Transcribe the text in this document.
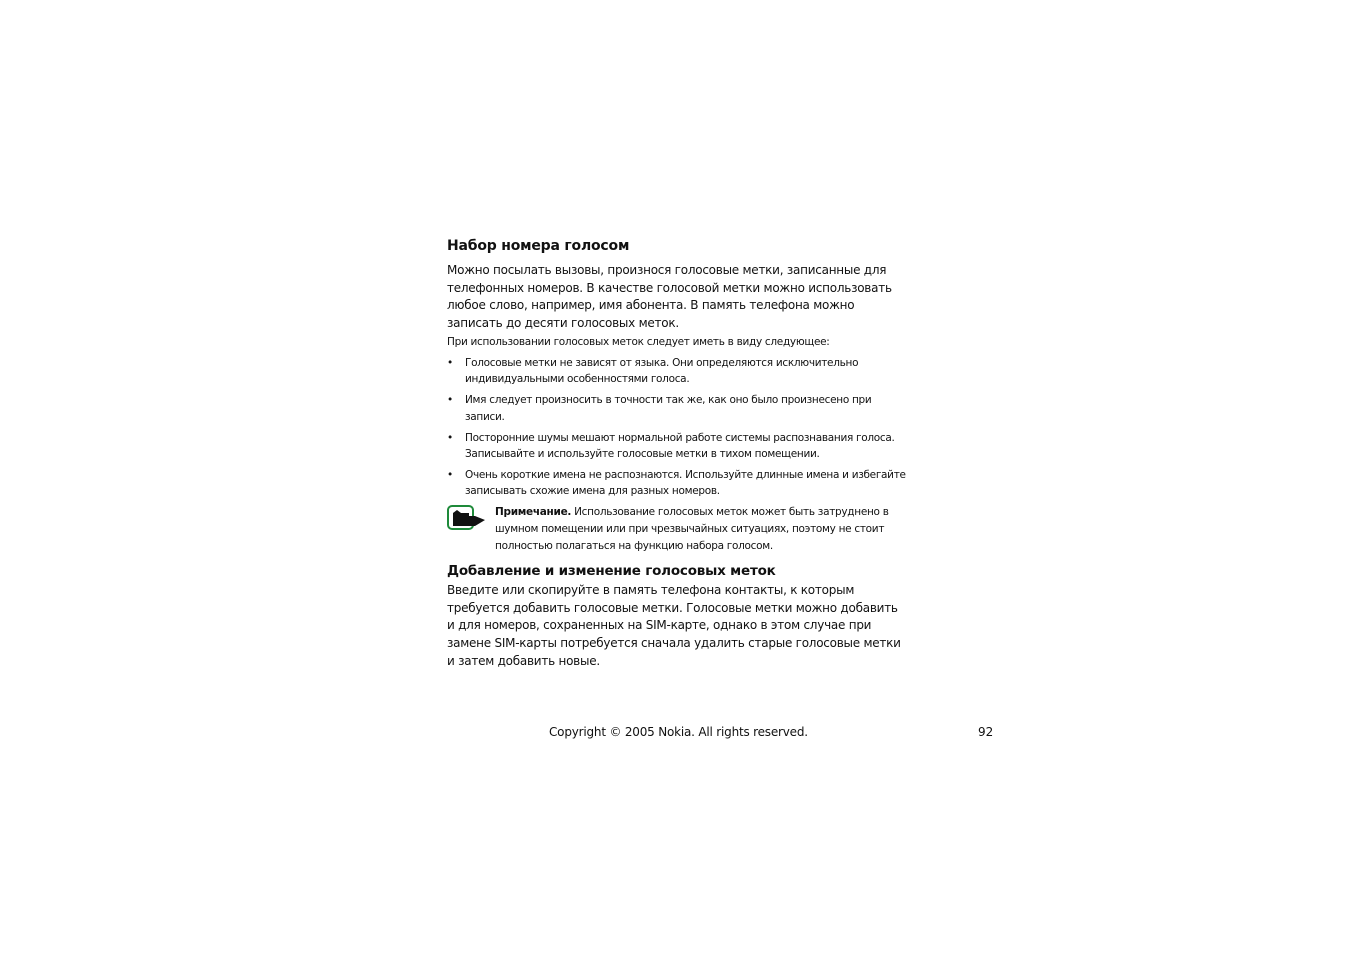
Набор номера голосом

Можно посылать вызовы, произнося голосовые метки, записанные для телефонных номеров. В качестве голосовой метки можно использовать любое слово, например, имя абонента. В память телефона можно записать до десяти голосовых меток.

При использовании голосовых меток следует иметь в виду следующее:

• Голосовые метки не зависят от языка. Они определяются исключительно индивидуальными особенностями голоса.
• Имя следует произносить в точности так же, как оно было произнесено при записи.
• Посторонние шумы мешают нормальной работе системы распознавания голоса. Записывайте и используйте голосовые метки в тихом помещении.
• Очень короткие имена не распознаются. Используйте длинные имена и избегайте записывать схожие имена для разных номеров.
Примечание. Использование голосовых меток может быть затруднено в шумном помещении или при чрезвычайных ситуациях, поэтому не стоит полностью полагаться на функцию набора голосом.
Добавление и изменение голосовых меток

Введите или скопируйте в память телефона контакты, к которым требуется добавить голосовые метки. Голосовые метки можно добавить и для номеров, сохраненных на SIM-карте, однако в этом случае при замене SIM-карты потребуется сначала удалить старые голосовые метки и затем добавить новые.

Copyright © 2005 Nokia. All rights reserved.	92
